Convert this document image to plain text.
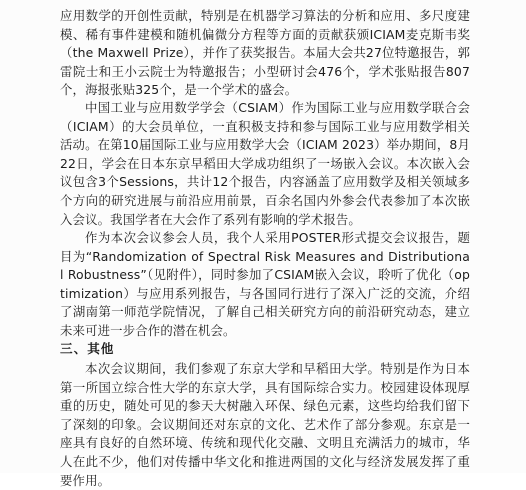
应用数学的开创性贡献，特别是在机器学习算法的分析和应用、多尺度建模、稀有事件建模和随机偏微分方程等方面的贡献获颁ICIAM麦克斯韦奖（the Maxwell Prize），并作了获奖报告。本届大会共27位特邀报告，郭雷院士和王小云院士为特邀报告；小型研讨会476个，学术张贴报告807个，海报张贴325个，是一个学术的盛会。

中国工业与应用数学学会（CSIAM）作为国际工业与应用数学联合会（ICIAM）的大会员单位，一直积极支持和参与国际工业与应用数学相关活动。在第10届国际工业与应用数学大会（ICIAM 2023）举办期间，8月22日，学会在日本东京早稻田大学成功组织了一场嵌入会议。本次嵌入会议包含3个Sessions，共计12个报告，内容涵盖了应用数学及相关领域多个方向的研究进展与前沿应用前景，百余名国内外参会代表参加了本次嵌入会议。我国学者在大会作了系列有影响的学术报告。

作为本次会议参会人员，我个人采用POSTER形式提交会议报告，题目为“Randomization of Spectral Risk Measures and Distributional Robustness”（见附件），同时参加了CSIAM嵌入会议，聆听了优化（optimization）与应用系列报告，与各国同行进行了深入广泛的交流，介绍了湖南第一师范学院情况，了解自己相关研究方向的前沿研究动态，建立未来可进一步合作的潜在机会。

三、其他

本次会议期间，我们参观了东京大学和早稻田大学。特别是作为日本第一所国立综合性大学的东京大学，具有国际综合实力。校园建设体现厚重的历史，随处可见的参天大树融入环保、绿色元素，这些均给我们留下了深刻的印象。会议期间还对东京的文化、艺术作了部分参观。东京是一座具有良好的自然环境、传统和现代化交融、文明且充满活力的城市，华人在此不少，他们对传播中华文化和推进两国的文化与经济发展发挥了重要作用。
